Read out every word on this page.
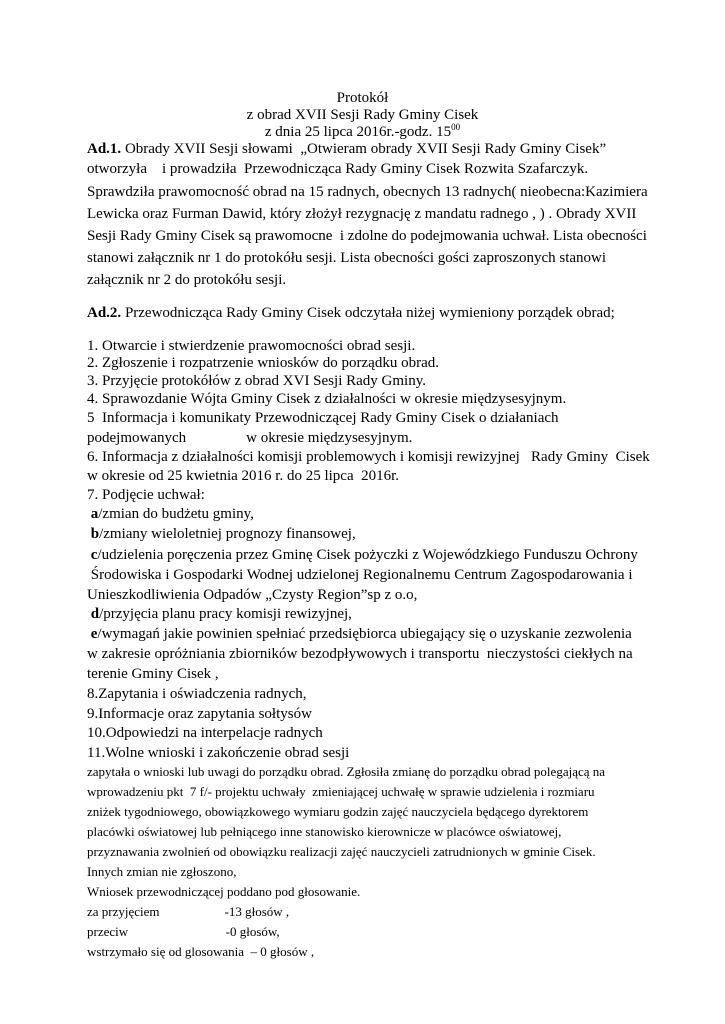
Protokół
z obrad XVII Sesji Rady Gminy Cisek
z dnia 25 lipca 2016r.-godz. $15^{00}$
Ad.1. Obrady XVII Sesji słowami  „Otwieram obrady XVII Sesji Rady Gminy Cisek”
otworzyła    i prowadziła  Przewodnicząca Rady Gminy Cisek Rozwita Szafarczyk.
Sprawdziła prawomocność obrad na 15 radnych, obecnych 13 radnych( nieobecna:Kazimiera
Lewicka oraz Furman Dawid, który złożył rezygnację z mandatu radnego , ) . Obrady XVII
Sesji Rady Gminy Cisek są prawomocne  i zdolne do podejmowania uchwał. Lista obecności
stanowi załącznik nr 1 do protokółu sesji. Lista obecności gości zaproszonych stanowi
załącznik nr 2 do protokółu sesji.
Ad.2. Przewodnicząca Rady Gminy Cisek odczytała niżej wymieniony porządek obrad;
1. Otwarcie i stwierdzenie prawomocności obrad sesji.
2. Zgłoszenie i rozpatrzenie wniosków do porządku obrad.
3. Przyjęcie protokółów z obrad XVI Sesji Rady Gminy.
4. Sprawozdanie Wójta Gminy Cisek z działalności w okresie międzysesyjnym.
5  Informacja i komunikaty Przewodniczącej Rady Gminy Cisek o działaniach
podejmowanych                w okresie międzysesyjnym.
6. Informacja z działalności komisji problemowych i komisji rewizyjnej   Rady Gminy  Cisek
w okresie od 25 kwietnia 2016 r. do 25 lipca  2016r.
7. Podjęcie uchwał:
a/zmian do budżetu gminy,
b/zmiany wieloletniej prognozy finansowej,
c/udzielenia poręczenia przez Gminę Cisek pożyczki z Wojewódzkiego Funduszu Ochrony
Środowiska i Gospodarki Wodnej udzielonej Regionalnemu Centrum Zagospodarowania i
Unieszkodliwienia Odpadów „Czysty Region”sp z o.o,
d/przyjęcia planu pracy komisji rewizyjnej,
e/wymagań jakie powinien spełniać przedsiębiorca ubiegający się o uzyskanie zezwolenia
w zakresie opróżniania zbiorników bezodpływowych i transportu  nieczystości ciekłych na
terenie Gminy Cisek ,
8.Zapytania i oświadczenia radnych,
9.Informacje oraz zapytania sołtysów
10.Odpowiedzi na interpelacje radnych
11.Wolne wnioski i zakończenie obrad sesji
zapytała o wnioski lub uwagi do porządku obrad. Zgłosiła zmianę do porządku obrad polegającą na
wprowadzeniu pkt  7 f/- projektu uchwały  zmieniającej uchwałę w sprawie udzielenia i rozmiaru
zniżek tygodniowego, obowiązkowego wymiaru godzin zajęć nauczyciela będącego dyrektorem
placówki oświatowej lub pełniącego inne stanowisko kierownicze w placówce oświatowej,
przyznawania zwolnień od obowiązku realizacji zajęć nauczycieli zatrudnionych w gminie Cisek.
Innych zmian nie zgłoszono,
Wniosek przewodniczącej poddano pod głosowanie.
za przyjęciem                    -13 głosów ,
przeciw                              -0 głosów,
wstrzymało się od glosowania  – 0 głosów ,
